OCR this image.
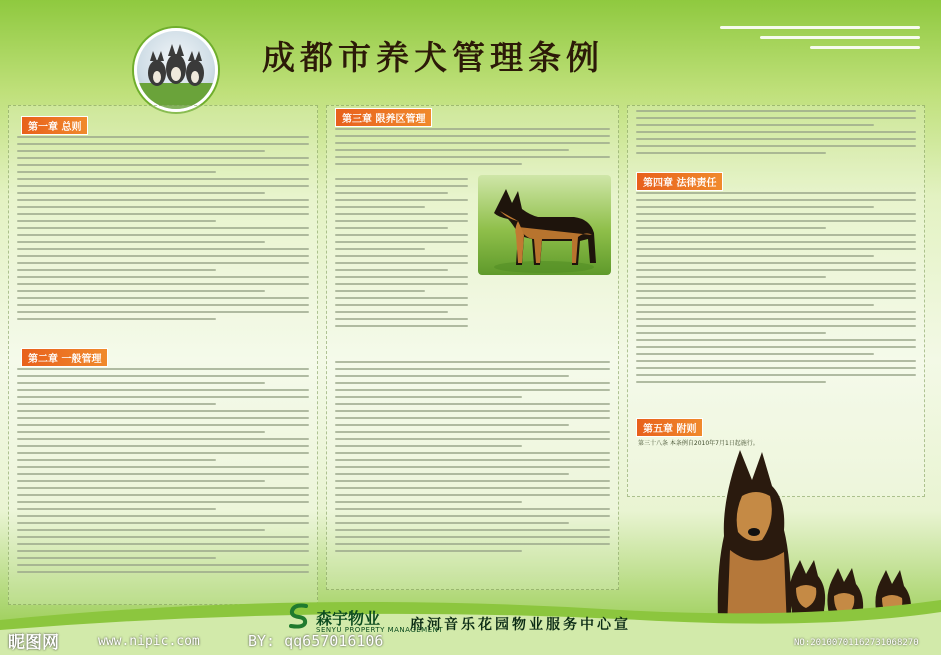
成都市养犬管理条例
第一章 总则
第二章 一般管理
第三章 限养区管理
第四章 法律责任
第五章 附则
第三十八条 本条例自2010年7月1日起施行。
森宇物业
SENYU PROPERTY MANAGEMENT
府河音乐花园物业服务中心宣
昵图网	www.nipic.com	BY: qq657016106	NO:20100701162731068270
